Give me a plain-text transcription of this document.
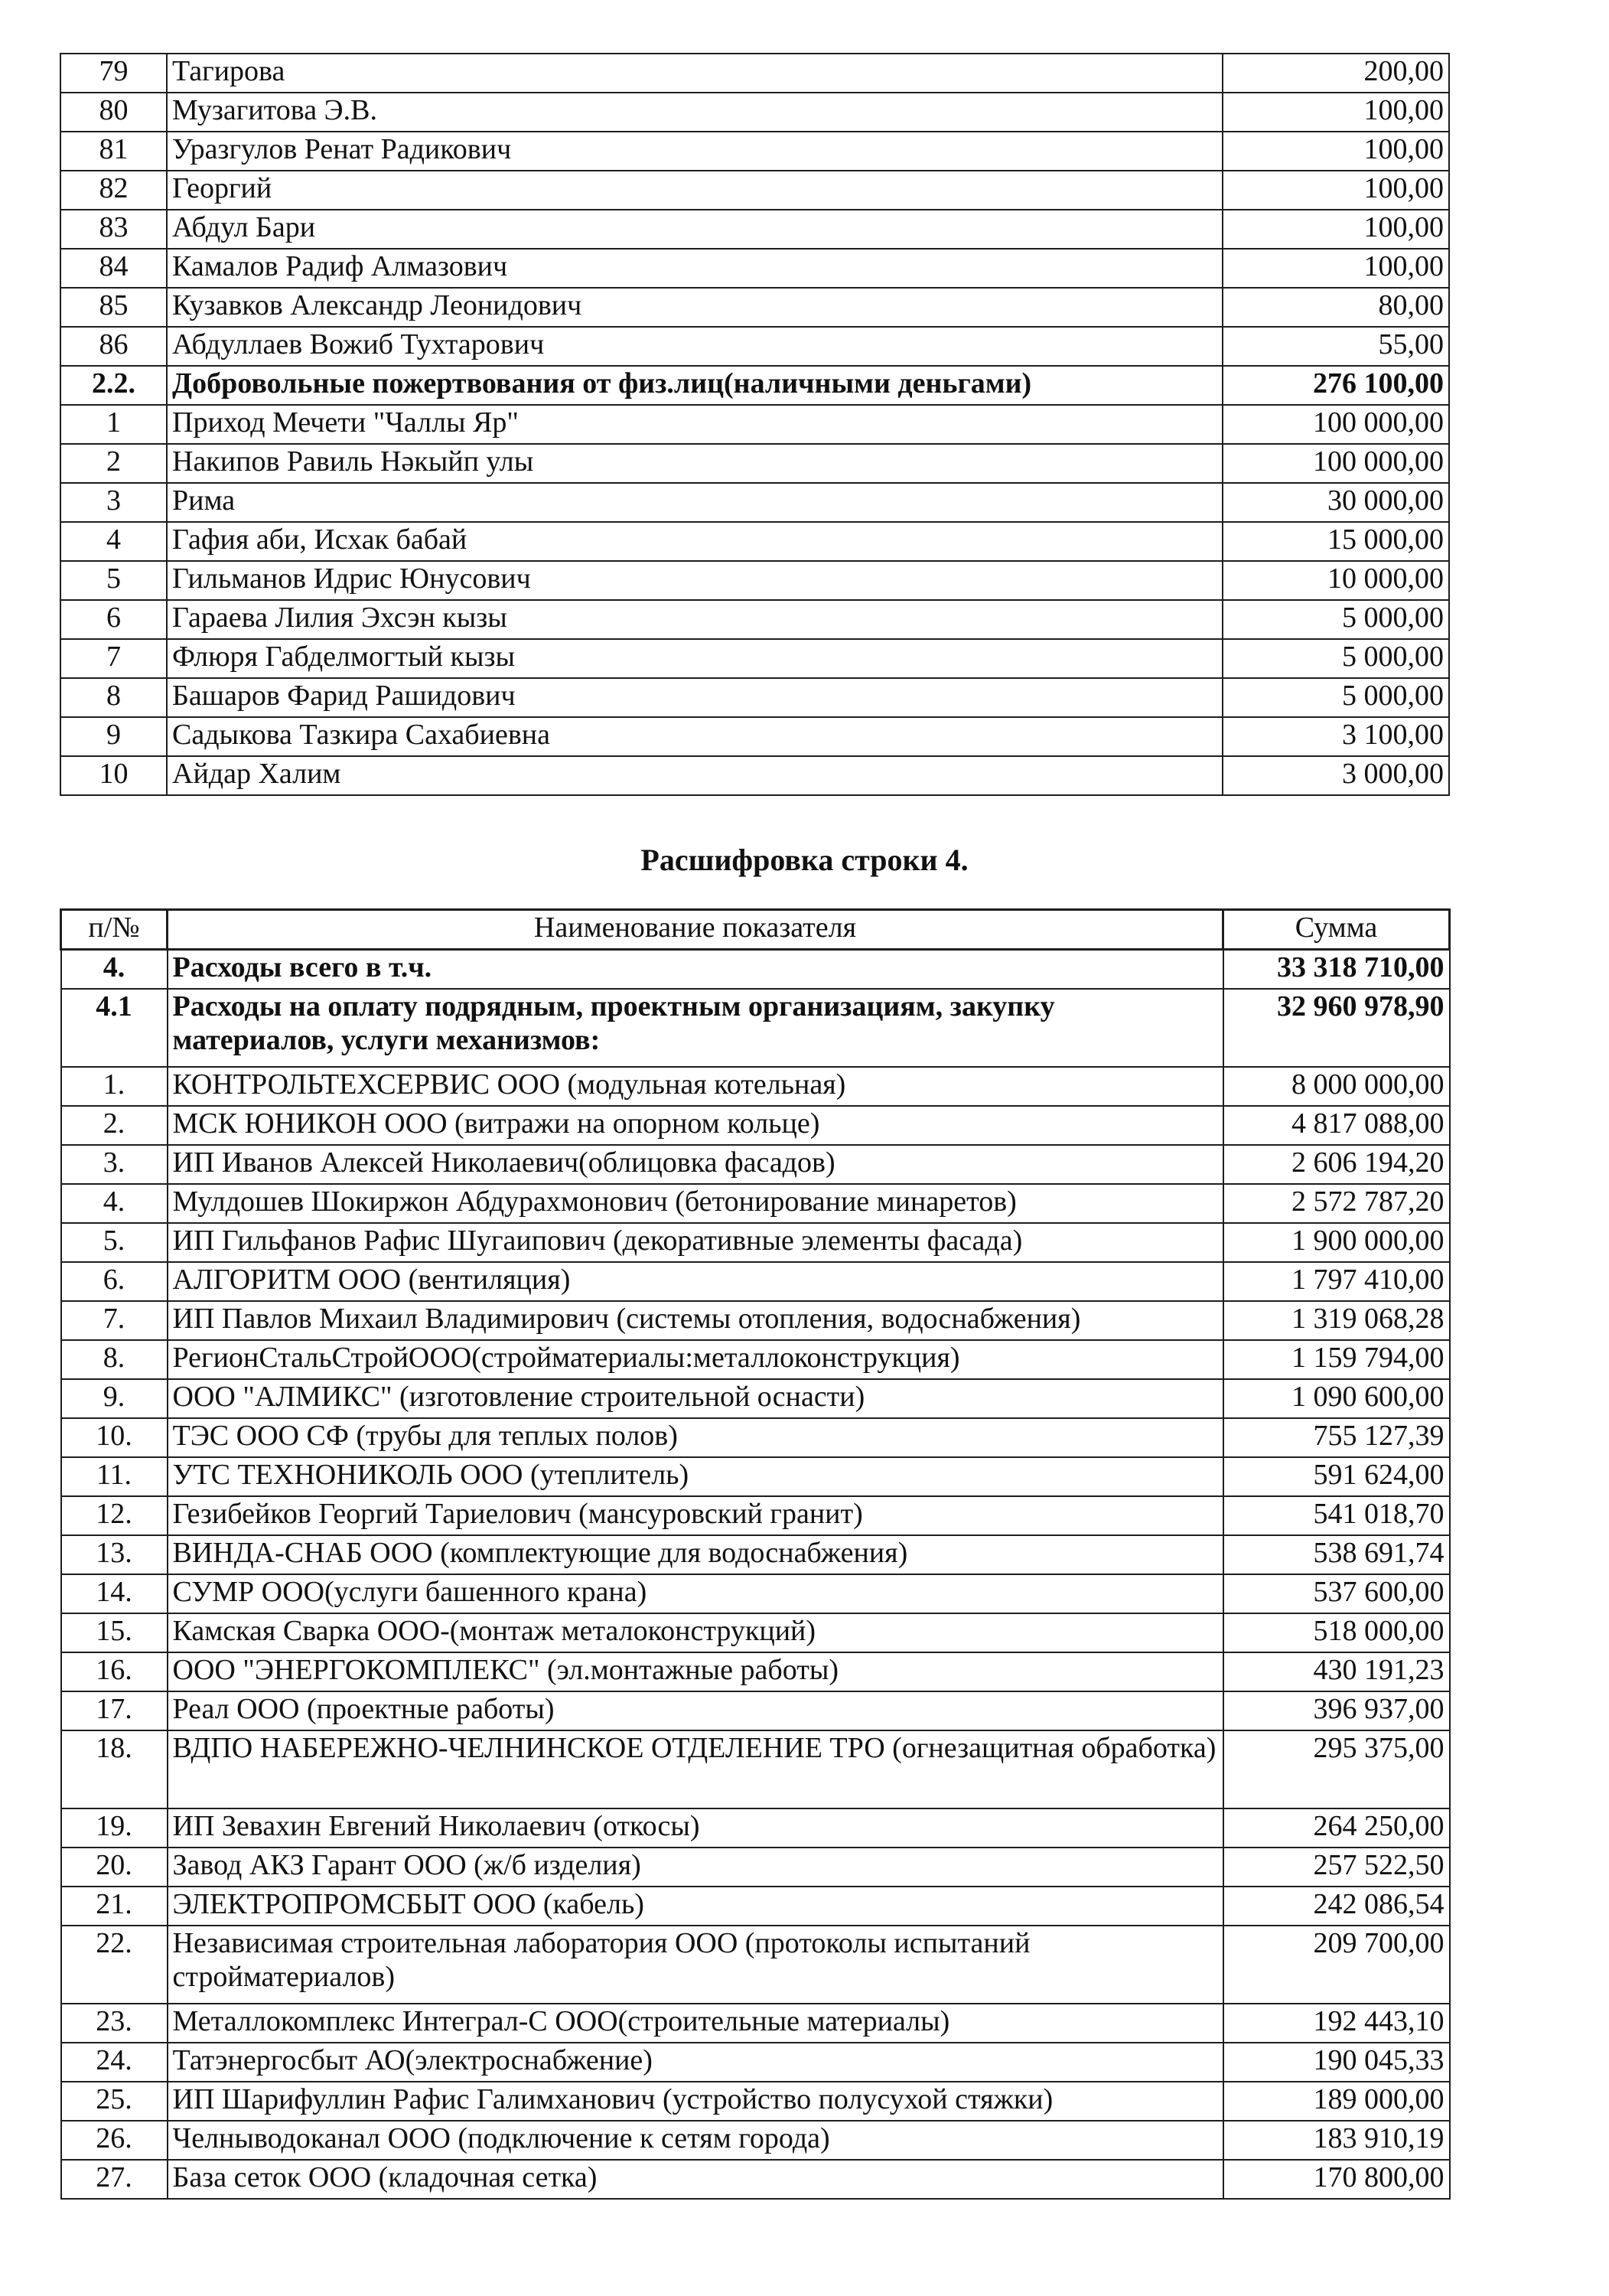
79	Тагирова	200,00
80	Музагитова Э.В.	100,00
81	Уразгулов Ренат Радикович	100,00
82	Георгий	100,00
83	Абдул Бари	100,00
84	Камалов Радиф Алмазович	100,00
85	Кузавков Александр Леонидович	80,00
86	Абдуллаев Вожиб Тухтарович	55,00
2.2.	Добровольные пожертвования от физ.лиц(наличными деньгами)	276 100,00
1	Приход Мечети "Чаллы Яр"	100 000,00
2	Накипов Равиль Нәкыйп улы	100 000,00
3	Рима	30 000,00
4	Гафия аби, Исхак бабай	15 000,00
5	Гильманов Идрис Юнусович	10 000,00
6	Гараева Лилия Эхсэн кызы	5 000,00
7	Флюря Габделмогтый кызы	5 000,00
8	Башаров Фарид Рашидович	5 000,00
9	Садыкова Тазкира Сахабиевна	3 100,00
10	Айдар Халим	3 000,00
Расшифровка строки 4.
п/№	Наименование показателя	Сумма
4.	Расходы всего в т.ч.	33 318 710,00
4.1	Расходы на оплату подрядным, проектным организациям, закупку материалов, услуги механизмов:	32 960 978,90
1.	КОНТРОЛЬТЕХСЕРВИС ООО (модульная котельная)	8 000 000,00
2.	МСК ЮНИКОН ООО (витражи на опорном кольце)	4 817 088,00
3.	ИП Иванов Алексей Николаевич(облицовка фасадов)	2 606 194,20
4.	Мулдошев Шокиржон Абдурахмонович (бетонирование минаретов)	2 572 787,20
5.	ИП Гильфанов Рафис Шугаипович (декоративные элементы фасада)	1 900 000,00
6.	АЛГОРИТМ ООО (вентиляция)	1 797 410,00
7.	ИП Павлов Михаил Владимирович (системы отопления, водоснабжения)	1 319 068,28
8.	РегионСтальСтройООО(стройматериалы:металлоконструкция)	1 159 794,00
9.	ООО "АЛМИКС" (изготовление строительной оснасти)	1 090 600,00
10.	ТЭС ООО СФ (трубы для теплых полов)	755 127,39
11.	УТС ТЕХНОНИКОЛЬ ООО (утеплитель)	591 624,00
12.	Гезибейков Георгий Тариелович (мансуровский гранит)	541 018,70
13.	ВИНДА-СНАБ ООО (комплектующие для водоснабжения)	538 691,74
14.	СУМР ООО(услуги башенного крана)	537 600,00
15.	Камская Сварка ООО-(монтаж металоконструкций)	518 000,00
16.	ООО "ЭНЕРГОКОМПЛЕКС" (эл.монтажные работы)	430 191,23
17.	Реал ООО (проектные работы)	396 937,00
18.	ВДПО НАБЕРЕЖНО-ЧЕЛНИНСКОЕ ОТДЕЛЕНИЕ ТРО (огнезащитная обработка)	295 375,00
19.	ИП Зевахин Евгений Николаевич (откосы)	264 250,00
20.	Завод АКЗ Гарант ООО (ж/б изделия)	257 522,50
21.	ЭЛЕКТРОПРОМСБЫТ ООО (кабель)	242 086,54
22.	Независимая строительная лаборатория ООО (протоколы испытаний стройматериалов)	209 700,00
23.	Металлокомплекс Интеграл-С ООО(строительные материалы)	192 443,10
24.	Татэнергосбыт АО(электроснабжение)	190 045,33
25.	ИП Шарифуллин Рафис Галимханович (устройство полусухой стяжки)	189 000,00
26.	Челныводоканал ООО (подключение к сетям города)	183 910,19
27.	База сеток ООО (кладочная сетка)	170 800,00
